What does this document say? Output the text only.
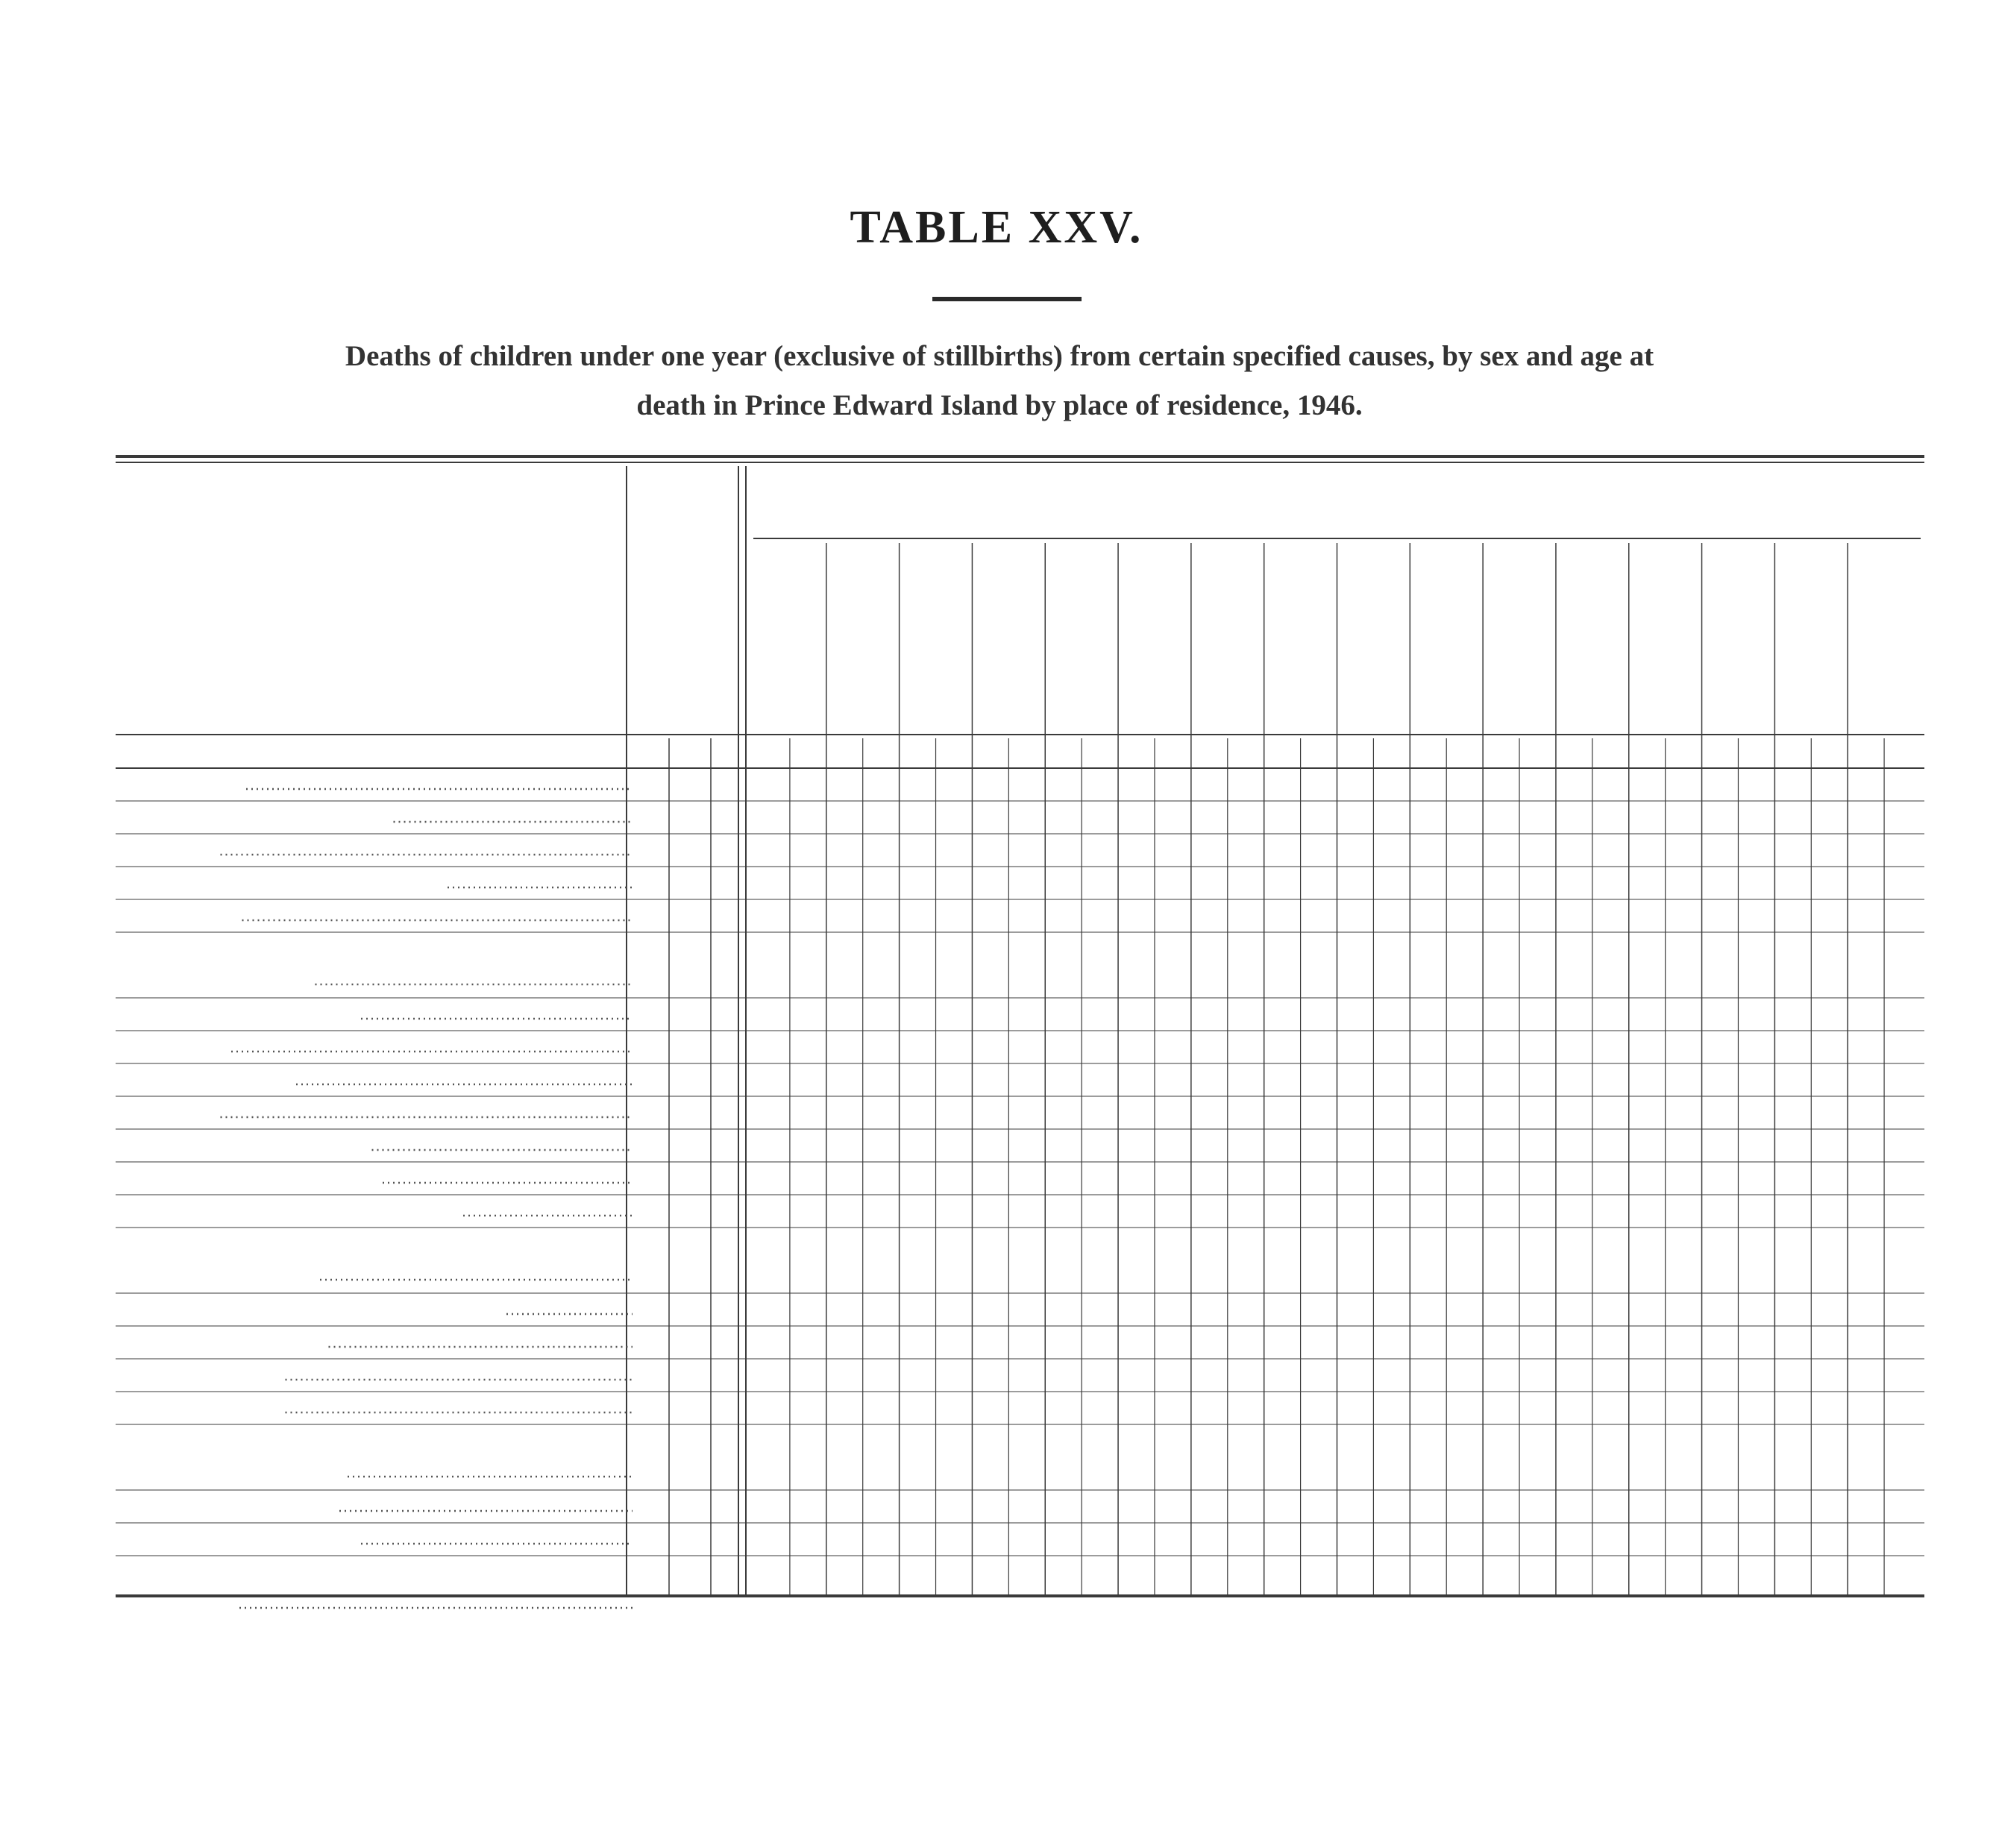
TABLE XXV.
Deaths of children under one year (exclusive of stillbirths) from certain specified causes, by sex and age at
death in Prince Edward Island by place of residence, 1946.
